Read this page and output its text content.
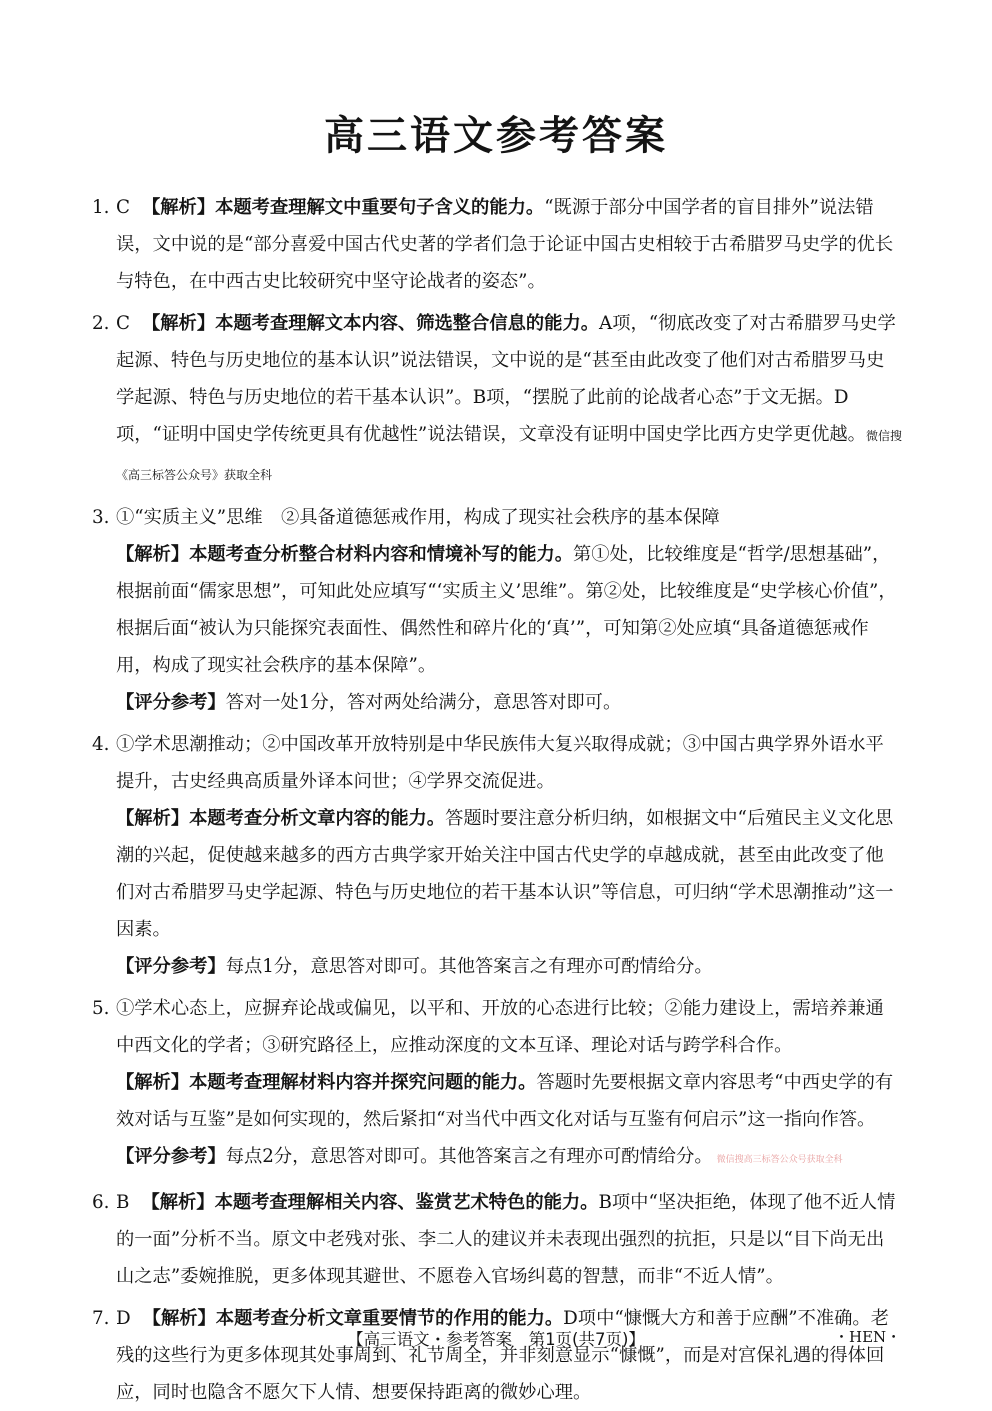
高三语文参考答案
1. C 【解析】本题考查理解文中重要句子含义的能力。“既源于部分中国学者的盲目排外”说法错误，文中说的是“部分喜爱中国古代史著的学者们急于论证中国古史相较于古希腊罗马史学的优长与特色，在中西古史比较研究中坚守论战者的姿态”。
2. C 【解析】本题考查理解文本内容、筛选整合信息的能力。A项，“彻底改变了对古希腊罗马史学起源、特色与历史地位的基本认识”说法错误，文中说的是“甚至由此改变了他们对古希腊罗马史学起源、特色与历史地位的若干基本认识”。B项，“摆脱了此前的论战者心态”于文无据。D项，“证明中国史学传统更具有优越性”说法错误，文章没有证明中国史学比西方史学更优越。微信搜《高三标答公众号》获取全科
3. ①“实质主义”思维　②具备道德惩戒作用，构成了现实社会秩序的基本保障
【解析】本题考查分析整合材料内容和情境补写的能力。第①处，比较维度是“哲学/思想基础”，根据前面“儒家思想”，可知此处应填写“‘实质主义’思维”。第②处，比较维度是“史学核心价值”，根据后面“被认为只能探究表面性、偶然性和碎片化的‘真’”，可知第②处应填“具备道德惩戒作用，构成了现实社会秩序的基本保障”。
【评分参考】答对一处1分，答对两处给满分，意思答对即可。
4. ①学术思潮推动；②中国改革开放特别是中华民族伟大复兴取得成就；③中国古典学界外语水平提升，古史经典高质量外译本问世；④学界交流促进。
【解析】本题考查分析文章内容的能力。答题时要注意分析归纳，如根据文中“后殖民主义文化思潮的兴起，促使越来越多的西方古典学家开始关注中国古代史学的卓越成就，甚至由此改变了他们对古希腊罗马史学起源、特色与历史地位的若干基本认识”等信息，可归纳“学术思潮推动”这一因素。
【评分参考】每点1分，意思答对即可。其他答案言之有理亦可酌情给分。
5. ①学术心态上，应摒弃论战或偏见，以平和、开放的心态进行比较；②能力建设上，需培养兼通中西文化的学者；③研究路径上，应推动深度的文本互译、理论对话与跨学科合作。
【解析】本题考查理解材料内容并探究问题的能力。答题时先要根据文章内容思考“中西史学的有效对话与互鉴”是如何实现的，然后紧扣“对当代中西文化对话与互鉴有何启示”这一指向作答。
【评分参考】每点2分，意思答对即可。其他答案言之有理亦可酌情给分。 微信搜高三标答公众号获取全科
6. B 【解析】本题考查理解相关内容、鉴赏艺术特色的能力。B项中“坚决拒绝，体现了他不近人情的一面”分析不当。原文中老残对张、李二人的建议并未表现出强烈的抗拒，只是以“目下尚无出山之志”委婉推脱，更多体现其避世、不愿卷入官场纠葛的智慧，而非“不近人情”。
7. D 【解析】本题考查分析文章重要情节的作用的能力。D项中“慷慨大方和善于应酬”不准确。老残的这些行为更多体现其处事周到、礼节周全，并非刻意显示“慷慨”，而是对宫保礼遇的得体回应，同时也隐含不愿欠下人情、想要保持距离的微妙心理。
【高三语文・参考答案　第1页(共7页)】	・HEN・
